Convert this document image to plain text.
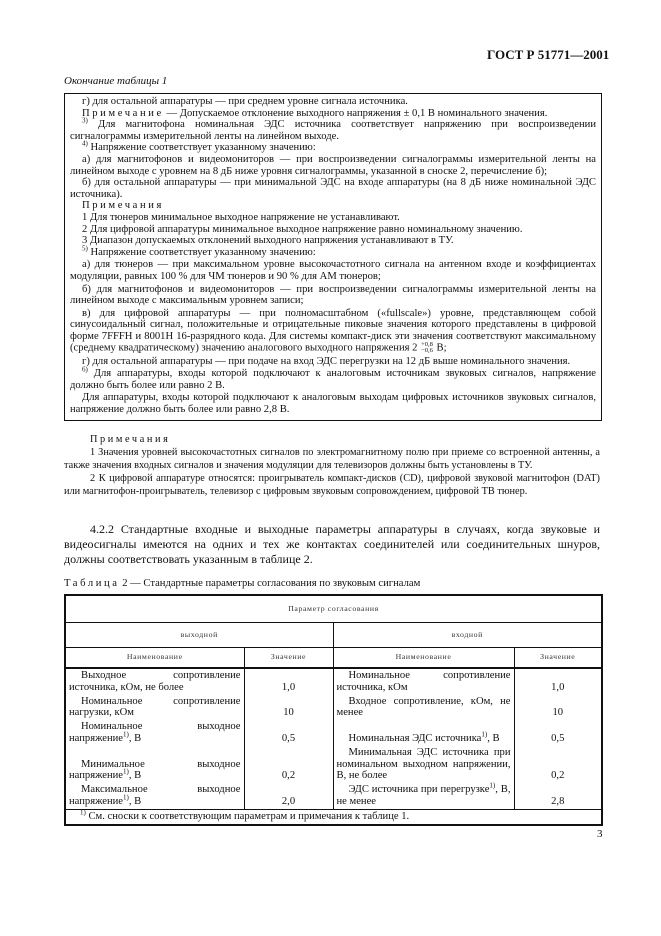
ГОСТ Р 51771—2001
Окончание таблицы 1

г) для остальной аппаратуры — при среднем уровне сигнала источника.

Примечание — Допускаемое отклонение выходного напряжения ± 0,1 В номинального значения.

$^{3)}$ Для магнитофона номинальная ЭДС источника соответствует напряжению при воспроизведении сигналограммы измерительной ленты на линейном выходе.

$^{4)}$ Напряжение соответствует указанному значению:

а) для магнитофонов и видеомониторов — при воспроизведении сигналограммы измерительной ленты на линейном выходе с уровнем на 8 дБ ниже уровня сигналограммы, указанной в сноске 2, перечисление б);

б) для остальной аппаратуры — при минимальной ЭДС на входе аппаратуры (на 8 дБ ниже номинальной ЭДС источника).

Примечания

1 Для тюнеров минимальное выходное напряжение не устанавливают.

2 Для цифровой аппаратуры минимальное выходное напряжение равно номинальному значению.

3 Диапазон допускаемых отклонений выходного напряжения устанавливают в ТУ.

$^{5)}$ Напряжение соответствует указанному значению:

а) для тюнеров — при максимальном уровне высокочастотного сигнала на антенном входе и коэффициентах модуляции, равных 100 % для ЧМ тюнеров и 90 % для АМ тюнеров;

б) для магнитофонов и видеомониторов — при воспроизведении сигналограммы измерительной ленты на линейном выходе с максимальным уровнем записи;

в) для цифровой аппаратуры — при полномасштабном («fullscale») уровне, представляющем собой синусоидальный сигнал, положительные и отрицательные пиковые значения которого представлены в цифровой форме 7FFFH и 8001H 16-разрядного кода. Для системы компакт-диск эти значения соответствуют максимальному (среднему квадратическому) значению аналогового выходного напряжения 2 +0,8
−0,6 В;

г) для остальной аппаратуры — при подаче на вход ЭДС перегрузки на 12 дБ выше номинального значения.

$^{6)}$ Для аппаратуры, входы которой подключают к аналоговым источникам звуковых сигналов, напряжение должно быть более или равно 2 В.

Для аппаратуры, входы которой подключают к аналоговым выходам цифровых источников звуковых сигналов, напряжение должно быть более или равно 2,8 В.

Примечания

1 Значения уровней высокочастотных сигналов по электромагнитному полю при приеме со встроенной антенны, а также значения входных сигналов и значения модуляции для телевизоров должны быть установлены в ТУ.

2 К цифровой аппаратуре относятся: проигрыватель компакт-дисков (CD), цифровой звуковой магнитофон (DAT) или магнитофон-проигрыватель, телевизор с цифровым звуковым сопровождением, цифровой ТВ тюнер.

4.2.2 Стандартные входные и выходные параметры аппаратуры в случаях, когда звуковые и видеосигналы имеются на одних и тех же контактах соединителей или соединительных шнуров, должны соответствовать указанным в таблице 2.

Таблица 2 — Стандартные параметры согласования по звуковым сигналам
Параметр согласования			
выходной		входной	
Наименование	Значение	Наименование	Значение
Выходное сопротивление источника, кОм, не более	1,0	Номинальное сопротивление источника, кОм	1,0
Номинальное сопротивление нагрузки, кОм	10	Входное сопротивление, кОм, не менее	10
Номинальное выходное напряжение$^{1)}$, В	0,5	Номинальная ЭДС источника$^{1)}$, В	0,5
Минимальное выходное напряжение$^{1)}$, В	0,2	Минимальная ЭДС источника при номинальном выходном напряжении, В, не более	0,2
Максимальное выходное напряжение$^{1)}$, В	2,0	ЭДС источника при перегрузке$^{1)}$, В, не менее	2,8
$^{1)}$ См. сноски к соответствующим параметрам и примечания к таблице 1.			
3
